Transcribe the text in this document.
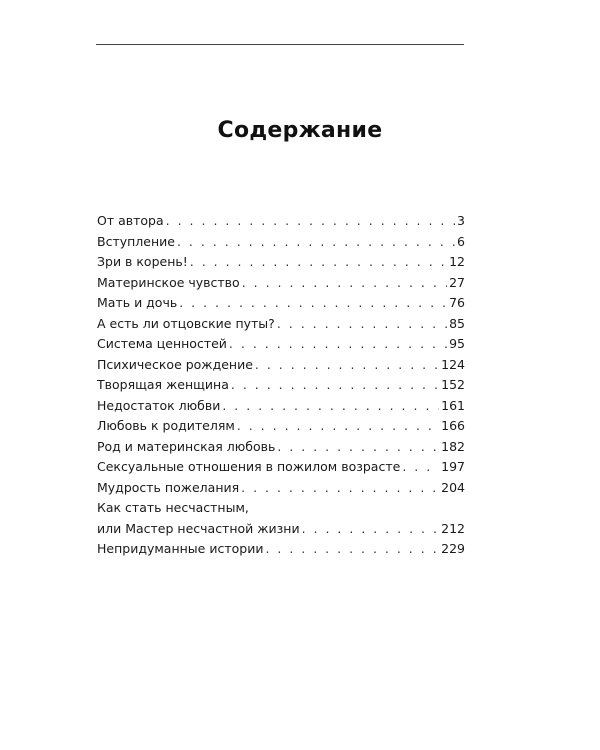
Содержание
От автора . . .	3
Вступление . . .	6
Зри в корень! . . .	12
Материнское чувство . . .	27
Мать и дочь . . .	76
А есть ли отцовские путы? . . .	85
Система ценностей . . .	95
Психическое рождение . . .	124
Творящая женщина . . .	152
Недостаток любви . . .	161
Любовь к родителям . . .	166
Род и материнская любовь . . .	182
Сексуальные отношения в пожилом возрасте . . .	197
Мудрость пожелания . . .	204
Как стать несчастным,
или Мастер несчастной жизни . . .	212
Непридуманные истории . . .	229
